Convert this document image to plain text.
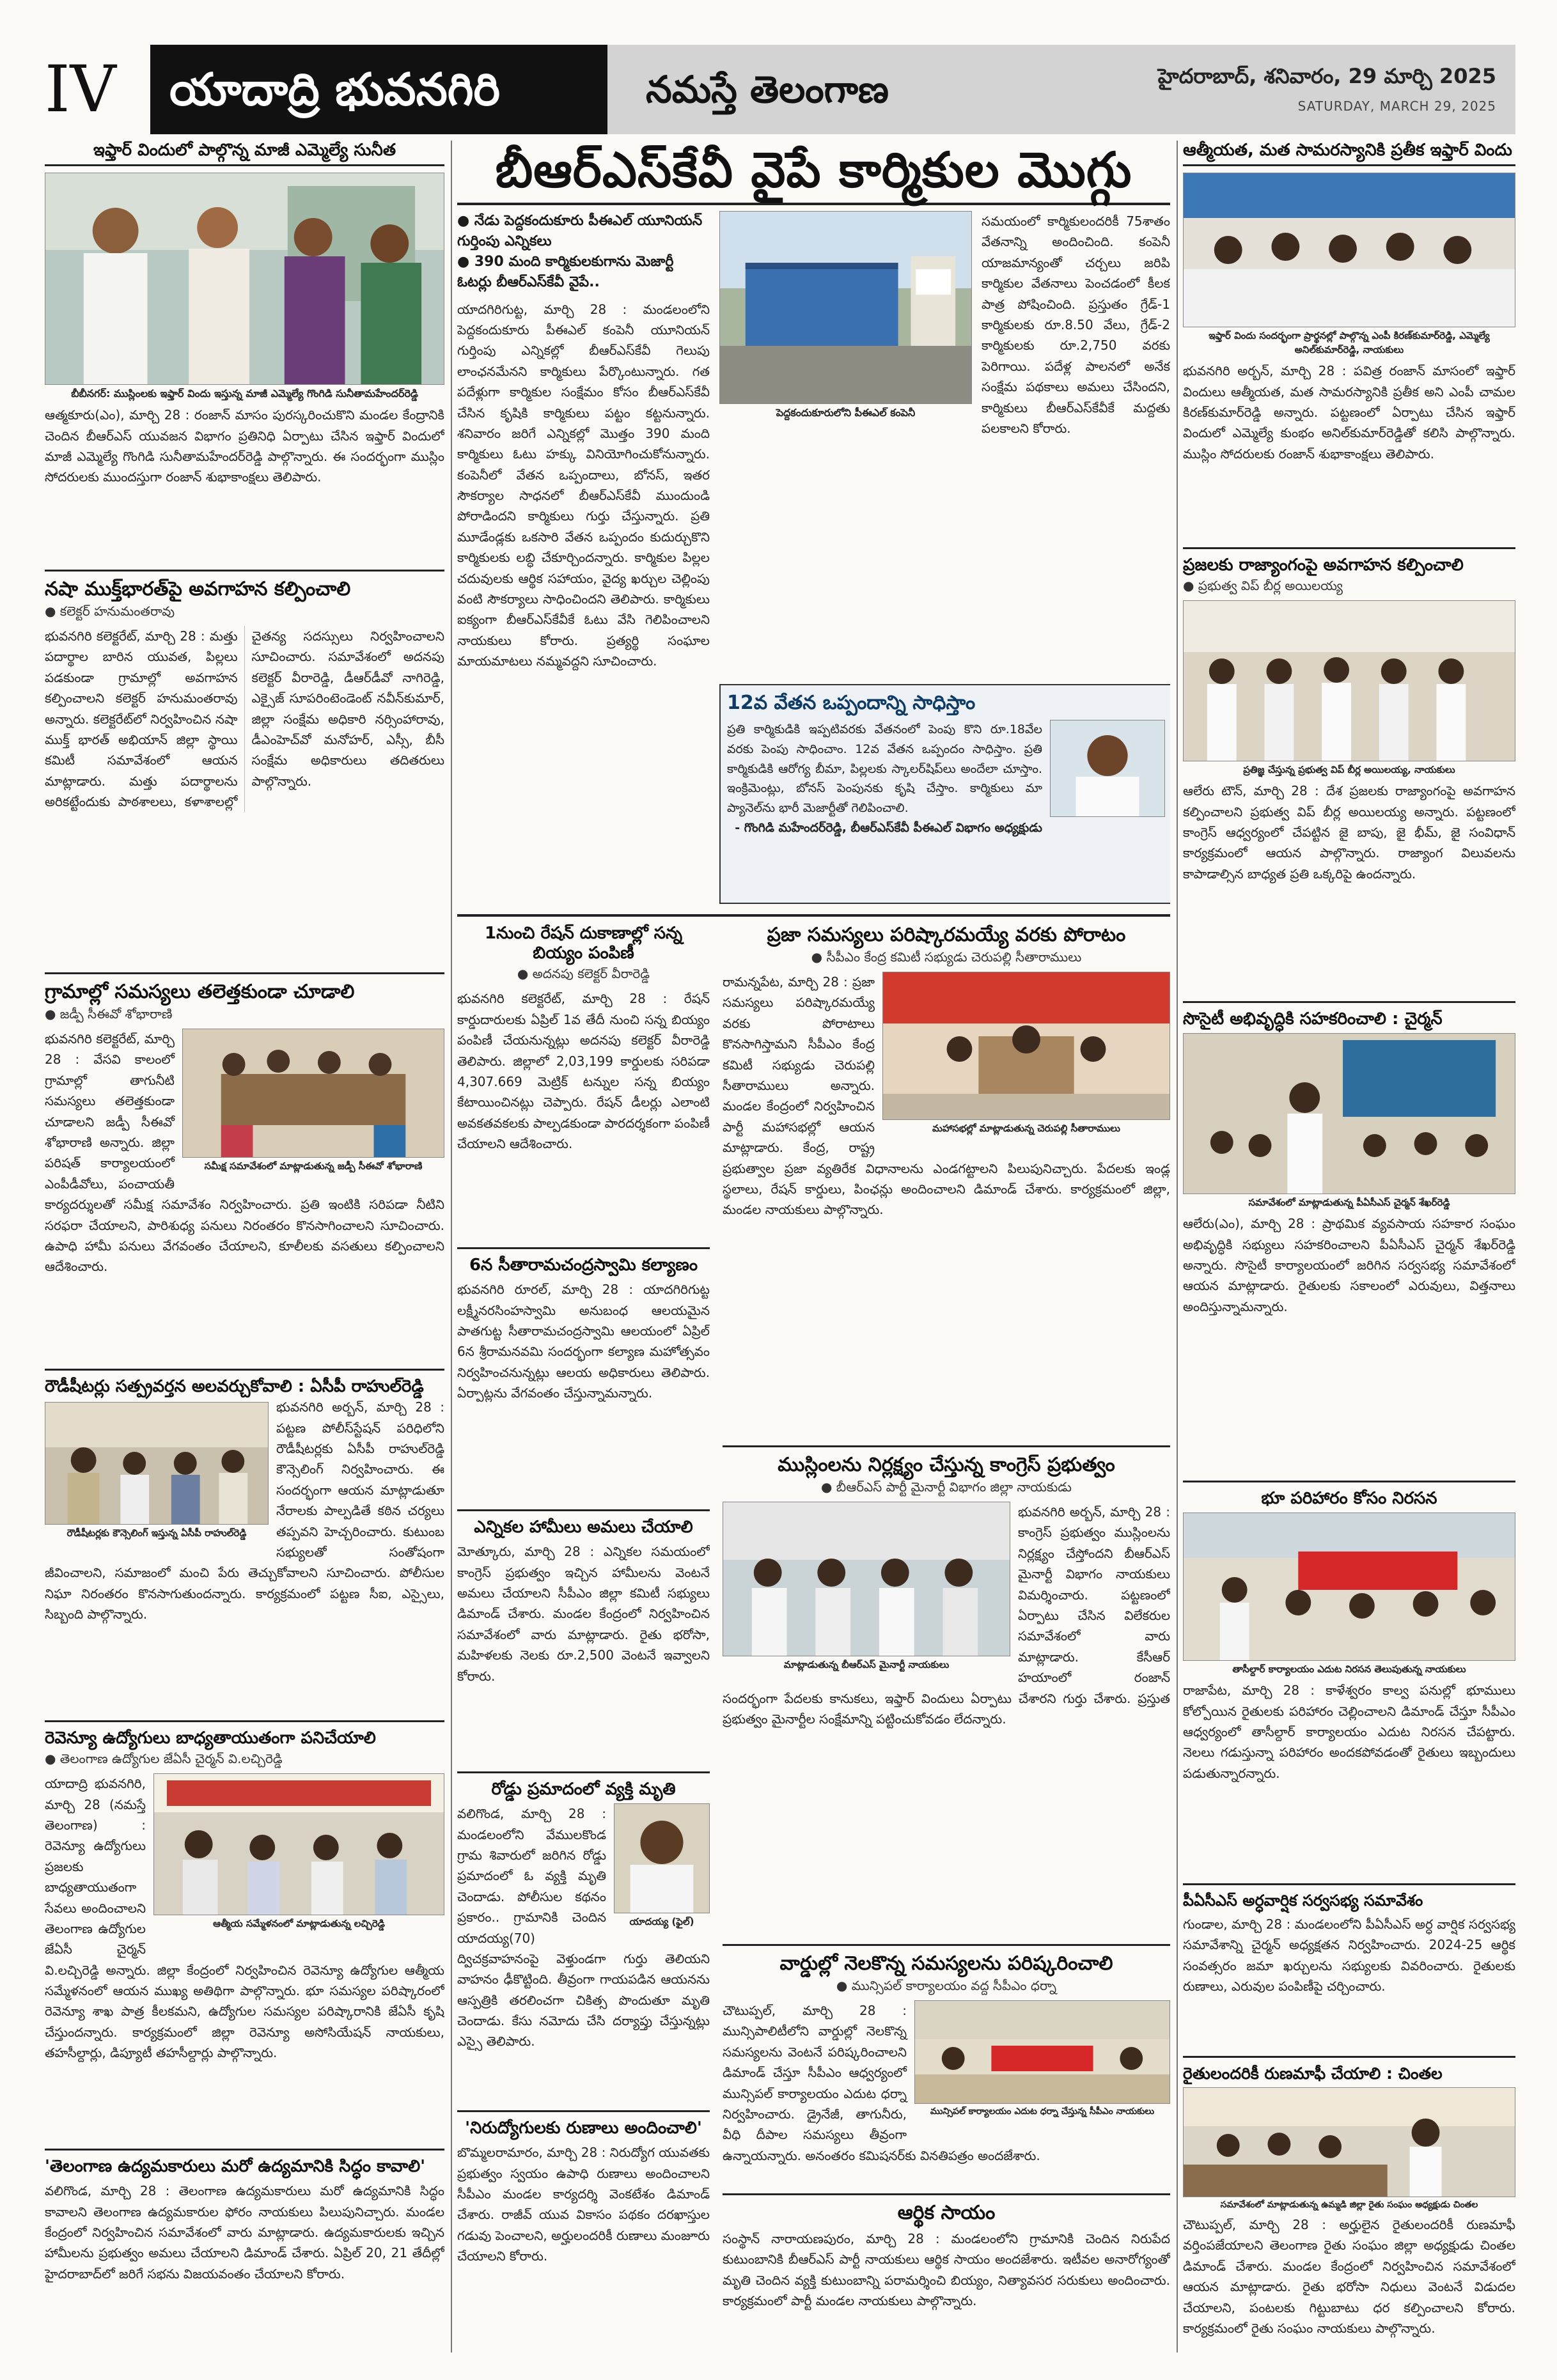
IV	యాదాద్రి భువనగిరి	నమస్తే తెలంగాణ	హైదరాబాద్, శనివారం, 29 మార్చి 2025
SATURDAY, MARCH 29, 2025
ఇఫ్తార్ విందులో పాల్గొన్న మాజీ ఎమ్మెల్యే సునీత
బీబీనగర్: ముస్లింలకు ఇఫ్తార్ విందు ఇస్తున్న మాజీ ఎమ్మెల్యే గొంగిడి సునీతామహేందర్‌రెడ్డి
ఆత్మకూరు(ఎం), మార్చి 28 : రంజాన్ మాసం పురస్కరించుకొని మండల కేంద్రానికి చెందిన బీఆర్‌ఎస్ యువజన విభాగం ప్రతినిధి ఏర్పాటు చేసిన ఇఫ్తార్ విందులో మాజీ ఎమ్మెల్యే గొంగిడి సునీతామహేందర్‌రెడ్డి పాల్గొన్నారు. ఈ సందర్భంగా ముస్లిం సోదరులకు ముందస్తుగా రంజాన్ శుభాకాంక్షలు తెలిపారు.
నషా ముక్త్‌భారత్‌పై అవగాహన కల్పించాలి
● కలెక్టర్ హనుమంతరావు
భువనగిరి కలెక్టరేట్, మార్చి 28 : మత్తు పదార్థాల బారిన యువత, పిల్లలు పడకుండా గ్రామాల్లో అవగాహన కల్పించాలని కలెక్టర్ హనుమంతరావు అన్నారు. కలెక్టరేట్‌లో నిర్వహించిన నషా ముక్త్ భారత్ అభియాన్ జిల్లా స్థాయి కమిటీ సమావేశంలో ఆయన మాట్లాడారు. మత్తు పదార్థాలను అరికట్టేందుకు పాఠశాలలు, కళాశాలల్లో చైతన్య సదస్సులు నిర్వహించాలని సూచించారు. సమావేశంలో అదనపు కలెక్టర్ వీరారెడ్డి, డీఆర్‌డీవో నాగిరెడ్డి, ఎక్సైజ్ సూపరింటెండెంట్ నవీన్‌కుమార్, జిల్లా సంక్షేమ అధికారి నర్సింహారావు, డీఎంహెచ్‌వో మనోహర్, ఎస్సీ, బీసీ సంక్షేమ అధికారులు తదితరులు పాల్గొన్నారు.
గ్రామాల్లో సమస్యలు తలెత్తకుండా చూడాలి
● జడ్పీ సీఈవో శోభారాణి
సమీక్ష సమావేశంలో మాట్లాడుతున్న జడ్పీ సీఈవో శోభారాణి
భువనగిరి కలెక్టరేట్, మార్చి 28 : వేసవి కాలంలో గ్రామాల్లో తాగునీటి సమస్యలు తలెత్తకుండా చూడాలని జడ్పీ సీఈవో శోభారాణి అన్నారు. జిల్లా పరిషత్ కార్యాలయంలో ఎంపీడీవోలు, పంచాయతీ కార్యదర్శులతో సమీక్ష సమావేశం నిర్వహించారు. ప్రతి ఇంటికి సరిపడా నీటిని సరఫరా చేయాలని, పారిశుధ్య పనులు నిరంతరం కొనసాగించాలని సూచించారు. ఉపాధి హామీ పనులు వేగవంతం చేయాలని, కూలీలకు వసతులు కల్పించాలని ఆదేశించారు.
రౌడీషీటర్లు సత్ప్రవర్తన అలవర్చుకోవాలి : ఏసీపీ రాహుల్‌రెడ్డి
రౌడీషీటర్లకు కౌన్సెలింగ్ ఇస్తున్న ఏసీపీ రాహుల్‌రెడ్డి
భువనగిరి అర్బన్, మార్చి 28 : పట్టణ పోలీస్‌స్టేషన్ పరిధిలోని రౌడీషీటర్లకు ఏసీపీ రాహుల్‌రెడ్డి కౌన్సెలింగ్ నిర్వహించారు. ఈ సందర్భంగా ఆయన మాట్లాడుతూ నేరాలకు పాల్పడితే కఠిన చర్యలు తప్పవని హెచ్చరించారు. కుటుంబ సభ్యులతో సంతోషంగా జీవించాలని, సమాజంలో మంచి పేరు తెచ్చుకోవాలని సూచించారు. పోలీసుల నిఘా నిరంతరం కొనసాగుతుందన్నారు. కార్యక్రమంలో పట్టణ సీఐ, ఎస్సైలు, సిబ్బంది పాల్గొన్నారు.
రెవెన్యూ ఉద్యోగులు బాధ్యతాయుతంగా పనిచేయాలి
● తెలంగాణ ఉద్యోగుల జేఏసీ చైర్మన్ వి.లచ్చిరెడ్డి
ఆత్మీయ సమ్మేళనంలో మాట్లాడుతున్న లచ్చిరెడ్డి
యాదాద్రి భువనగిరి, మార్చి 28 (నమస్తే తెలంగాణ) : రెవెన్యూ ఉద్యోగులు ప్రజలకు బాధ్యతాయుతంగా సేవలు అందించాలని తెలంగాణ ఉద్యోగుల జేఏసీ చైర్మన్ వి.లచ్చిరెడ్డి అన్నారు. జిల్లా కేంద్రంలో నిర్వహించిన రెవెన్యూ ఉద్యోగుల ఆత్మీయ సమ్మేళనంలో ఆయన ముఖ్య అతిథిగా పాల్గొన్నారు. భూ సమస్యల పరిష్కారంలో రెవెన్యూ శాఖ పాత్ర కీలకమని, ఉద్యోగుల సమస్యల పరిష్కారానికి జేఏసీ కృషి చేస్తుందన్నారు. కార్యక్రమంలో జిల్లా రెవెన్యూ అసోసియేషన్ నాయకులు, తహసీల్దార్లు, డిప్యూటీ తహసీల్దార్లు పాల్గొన్నారు.
'తెలంగాణ ఉద్యమకారులు మరో ఉద్యమానికి సిద్ధం కావాలి'
వలిగొండ, మార్చి 28 : తెలంగాణ ఉద్యమకారులు మరో ఉద్యమానికి సిద్ధం కావాలని తెలంగాణ ఉద్యమకారుల ఫోరం నాయకులు పిలుపునిచ్చారు. మండల కేంద్రంలో నిర్వహించిన సమావేశంలో వారు మాట్లాడారు. ఉద్యమకారులకు ఇచ్చిన హామీలను ప్రభుత్వం అమలు చేయాలని డిమాండ్ చేశారు. ఏప్రిల్ 20, 21 తేదీల్లో హైదరాబాద్‌లో జరిగే సభను విజయవంతం చేయాలని కోరారు.
బీఆర్‌ఎస్‌కేవీ వైపే కార్మికుల మొగ్గు
● నేడు పెద్దకందుకూరు పీఈఎల్ యూనియన్ గుర్తింపు ఎన్నికలు
● 390 మంది కార్మికులకుగాను మెజార్టీ ఓటర్లు బీఆర్‌ఎస్‌కేవీ వైపే..
యాదగిరిగుట్ట, మార్చి 28 : మండలంలోని పెద్దకందుకూరు పీఈఎల్ కంపెనీ యూనియన్ గుర్తింపు ఎన్నికల్లో బీఆర్‌ఎస్‌కేవీ గెలుపు లాంఛనమేనని కార్మికులు పేర్కొంటున్నారు. గత పదేళ్లుగా కార్మికుల సంక్షేమం కోసం బీఆర్‌ఎస్‌కేవీ చేసిన కృషికి కార్మికులు పట్టం కట్టనున్నారు. శనివారం జరిగే ఎన్నికల్లో మొత్తం 390 మంది కార్మికులు ఓటు హక్కు వినియోగించుకోనున్నారు. కంపెనీలో వేతన ఒప్పందాలు, బోనస్, ఇతర సౌకర్యాల సాధనలో బీఆర్‌ఎస్‌కేవీ ముందుండి పోరాడిందని కార్మికులు గుర్తు చేస్తున్నారు. ప్రతి మూడేండ్లకు ఒకసారి వేతన ఒప్పందం కుదుర్చుకొని కార్మికులకు లబ్ధి చేకూర్చిందన్నారు. కార్మికుల పిల్లల చదువులకు ఆర్థిక సహాయం, వైద్య ఖర్చుల చెల్లింపు వంటి సౌకర్యాలు సాధించిందని తెలిపారు. కార్మికులు ఐక్యంగా బీఆర్‌ఎస్‌కేవీకే ఓటు వేసి గెలిపించాలని నాయకులు కోరారు. ప్రత్యర్థి సంఘాల మాయమాటలు నమ్మవద్దని సూచించారు.
పెద్దకందుకూరులోని పీఈఎల్ కంపెనీ
సమయంలో కార్మికులందరికీ 75శాతం వేతనాన్ని అందించింది. కంపెనీ యాజమాన్యంతో చర్చలు జరిపి కార్మికుల వేతనాలు పెంచడంలో కీలక పాత్ర పోషించింది. ప్రస్తుతం గ్రేడ్-1 కార్మికులకు రూ.8.50 వేలు, గ్రేడ్-2 కార్మికులకు రూ.2,750 వరకు పెరిగాయి. పదేళ్ల పాలనలో అనేక సంక్షేమ పథకాలు అమలు చేసిందని, కార్మికులు బీఆర్‌ఎస్‌కేవీకే మద్దతు పలకాలని కోరారు.
12వ వేతన ఒప్పందాన్ని సాధిస్తాం
ప్రతి కార్మికుడికి ఇప్పటివరకు వేతనంలో పెంపు కొని రూ.18వేల వరకు పెంపు సాధించాం. 12వ వేతన ఒప్పందం సాధిస్తాం. ప్రతి కార్మికుడికి ఆరోగ్య బీమా, పిల్లలకు స్కాలర్‌షిప్‌లు అందేలా చూస్తాం. ఇంక్రిమెంట్లు, బోనస్ పెంపునకు కృషి చేస్తాం. కార్మికులు మా ప్యానెల్‌ను భారీ మెజార్టీతో గెలిపించాలి.
- గొంగిడి మహేందర్‌రెడ్డి, బీఆర్‌ఎస్‌కేవీ పీఈఎల్ విభాగం అధ్యక్షుడు
1నుంచి రేషన్ దుకాణాల్లో సన్న బియ్యం పంపిణీ
● అదనపు కలెక్టర్ వీరారెడ్డి
భువనగిరి కలెక్టరేట్, మార్చి 28 : రేషన్ కార్డుదారులకు ఏప్రిల్ 1వ తేదీ నుంచి సన్న బియ్యం పంపిణీ చేయనున్నట్లు అదనపు కలెక్టర్ వీరారెడ్డి తెలిపారు. జిల్లాలో 2,03,199 కార్డులకు సరిపడా 4,307.669 మెట్రిక్ టన్నుల సన్న బియ్యం కేటాయించినట్లు చెప్పారు. రేషన్ డీలర్లు ఎలాంటి అవకతవకలకు పాల్పడకుండా పారదర్శకంగా పంపిణీ చేయాలని ఆదేశించారు.
6న సీతారామచంద్రస్వామి కల్యాణం
భువనగిరి రూరల్, మార్చి 28 : యాదగిరిగుట్ట లక్ష్మీనరసింహస్వామి అనుబంధ ఆలయమైన పాతగుట్ట సీతారామచంద్రస్వామి ఆలయంలో ఏప్రిల్ 6న శ్రీరామనవమి సందర్భంగా కల్యాణ మహోత్సవం నిర్వహించనున్నట్లు ఆలయ అధికారులు తెలిపారు. ఏర్పాట్లను వేగవంతం చేస్తున్నామన్నారు.
ఎన్నికల హామీలు అమలు చేయాలి
మోత్కూరు, మార్చి 28 : ఎన్నికల సమయంలో కాంగ్రెస్ ప్రభుత్వం ఇచ్చిన హామీలను వెంటనే అమలు చేయాలని సీపీఎం జిల్లా కమిటీ సభ్యులు డిమాండ్ చేశారు. మండల కేంద్రంలో నిర్వహించిన సమావేశంలో వారు మాట్లాడారు. రైతు భరోసా, మహిళలకు నెలకు రూ.2,500 వెంటనే ఇవ్వాలని కోరారు.
రోడ్డు ప్రమాదంలో వ్యక్తి మృతి
యాదయ్య (ఫైల్)
వలిగొండ, మార్చి 28 : మండలంలోని వేములకొండ గ్రామ శివారులో జరిగిన రోడ్డు ప్రమాదంలో ఓ వ్యక్తి మృతి చెందాడు. పోలీసుల కథనం ప్రకారం.. గ్రామానికి చెందిన యాదయ్య(70) ద్విచక్రవాహనంపై వెళ్తుండగా గుర్తు తెలియని వాహనం ఢీకొట్టింది. తీవ్రంగా గాయపడిన ఆయనను ఆస్పత్రికి తరలించగా చికిత్స పొందుతూ మృతి చెందాడు. కేసు నమోదు చేసి దర్యాప్తు చేస్తున్నట్లు ఎస్సై తెలిపారు.
'నిరుద్యోగులకు రుణాలు అందించాలి'
బొమ్మలరామారం, మార్చి 28 : నిరుద్యోగ యువతకు ప్రభుత్వం స్వయం ఉపాధి రుణాలు అందించాలని సీపీఎం మండల కార్యదర్శి వెంకటేశం డిమాండ్ చేశారు. రాజీవ్ యువ వికాసం పథకం దరఖాస్తుల గడువు పెంచాలని, అర్హులందరికీ రుణాలు మంజూరు చేయాలని కోరారు.
ప్రజా సమస్యలు పరిష్కారమయ్యే వరకు పోరాటం
● సీపీఎం కేంద్ర కమిటీ సభ్యుడు చెరుపల్లి సీతారాములు
మహాసభల్లో మాట్లాడుతున్న చెరుపల్లి సీతారాములు
రామన్నపేట, మార్చి 28 : ప్రజా సమస్యలు పరిష్కారమయ్యే వరకు పోరాటాలు కొనసాగిస్తామని సీపీఎం కేంద్ర కమిటీ సభ్యుడు చెరుపల్లి సీతారాములు అన్నారు. మండల కేంద్రంలో నిర్వహించిన పార్టీ మహాసభల్లో ఆయన మాట్లాడారు. కేంద్ర, రాష్ట్ర ప్రభుత్వాల ప్రజా వ్యతిరేక విధానాలను ఎండగట్టాలని పిలుపునిచ్చారు. పేదలకు ఇండ్ల స్థలాలు, రేషన్ కార్డులు, పింఛన్లు అందించాలని డిమాండ్ చేశారు. కార్యక్రమంలో జిల్లా, మండల నాయకులు పాల్గొన్నారు.
ముస్లింలను నిర్లక్ష్యం చేస్తున్న కాంగ్రెస్ ప్రభుత్వం
● బీఆర్‌ఎస్ పార్టీ మైనార్టీ విభాగం జిల్లా నాయకుడు
మాట్లాడుతున్న బీఆర్‌ఎస్ మైనార్టీ నాయకులు
భువనగిరి అర్బన్, మార్చి 28 : కాంగ్రెస్ ప్రభుత్వం ముస్లింలను నిర్లక్ష్యం చేస్తోందని బీఆర్‌ఎస్ మైనార్టీ విభాగం నాయకులు విమర్శించారు. పట్టణంలో ఏర్పాటు చేసిన విలేకరుల సమావేశంలో వారు మాట్లాడారు. కేసీఆర్ హయాంలో రంజాన్ సందర్భంగా పేదలకు కానుకలు, ఇఫ్తార్ విందులు ఏర్పాటు చేశారని గుర్తు చేశారు. ప్రస్తుత ప్రభుత్వం మైనార్టీల సంక్షేమాన్ని పట్టించుకోవడం లేదన్నారు.
వార్డుల్లో నెలకొన్న సమస్యలను పరిష్కరించాలి
● మున్సిపల్ కార్యాలయం వద్ద సీపీఎం ధర్నా
మున్సిపల్ కార్యాలయం ఎదుట ధర్నా చేస్తున్న సీపీఎం నాయకులు
చౌటుప్పల్, మార్చి 28 : మున్సిపాలిటీలోని వార్డుల్లో నెలకొన్న సమస్యలను వెంటనే పరిష్కరించాలని డిమాండ్ చేస్తూ సీపీఎం ఆధ్వర్యంలో మున్సిపల్ కార్యాలయం ఎదుట ధర్నా నిర్వహించారు. డ్రైనేజీ, తాగునీరు, వీధి దీపాల సమస్యలు తీవ్రంగా ఉన్నాయన్నారు. అనంతరం కమిషనర్‌కు వినతిపత్రం అందజేశారు.
ఆర్థిక సాయం
సంస్థాన్ నారాయణపురం, మార్చి 28 : మండలంలోని గ్రామానికి చెందిన నిరుపేద కుటుంబానికి బీఆర్‌ఎస్ పార్టీ నాయకులు ఆర్థిక సాయం అందజేశారు. ఇటీవల అనారోగ్యంతో మృతి చెందిన వ్యక్తి కుటుంబాన్ని పరామర్శించి బియ్యం, నిత్యావసర సరుకులు అందించారు. కార్యక్రమంలో పార్టీ మండల నాయకులు పాల్గొన్నారు.
ఆత్మీయత, మత సామరస్యానికి ప్రతీక ఇఫ్తార్ విందు
ఇఫ్తార్ విందు సందర్భంగా ప్రార్థనల్లో పాల్గొన్న ఎంపీ కిరణ్‌కుమార్‌రెడ్డి, ఎమ్మెల్యే అనిల్‌కుమార్‌రెడ్డి, నాయకులు
భువనగిరి అర్బన్, మార్చి 28 : పవిత్ర రంజాన్ మాసంలో ఇఫ్తార్ విందులు ఆత్మీయత, మత సామరస్యానికి ప్రతీక అని ఎంపీ చామల కిరణ్‌కుమార్‌రెడ్డి అన్నారు. పట్టణంలో ఏర్పాటు చేసిన ఇఫ్తార్ విందులో ఎమ్మెల్యే కుంభం అనిల్‌కుమార్‌రెడ్డితో కలిసి పాల్గొన్నారు. ముస్లిం సోదరులకు రంజాన్ శుభాకాంక్షలు తెలిపారు.
ప్రజలకు రాజ్యాంగంపై అవగాహన కల్పించాలి
● ప్రభుత్వ విప్ బీర్ల అయిలయ్య
ప్రతిజ్ఞ చేస్తున్న ప్రభుత్వ విప్ బీర్ల అయిలయ్య, నాయకులు
ఆలేరు టౌన్, మార్చి 28 : దేశ ప్రజలకు రాజ్యాంగంపై అవగాహన కల్పించాలని ప్రభుత్వ విప్ బీర్ల అయిలయ్య అన్నారు. పట్టణంలో కాంగ్రెస్ ఆధ్వర్యంలో చేపట్టిన జై బాపు, జై భీమ్, జై సంవిధాన్ కార్యక్రమంలో ఆయన పాల్గొన్నారు. రాజ్యాంగ విలువలను కాపాడాల్సిన బాధ్యత ప్రతి ఒక్కరిపై ఉందన్నారు.
సొసైటీ అభివృద్ధికి సహకరించాలి : చైర్మన్
సమావేశంలో మాట్లాడుతున్న పీఏసీఎస్ చైర్మన్ శేఖర్‌రెడ్డి
ఆలేరు(ఎం), మార్చి 28 : ప్రాథమిక వ్యవసాయ సహకార సంఘం అభివృద్ధికి సభ్యులు సహకరించాలని పీఏసీఎస్ చైర్మన్ శేఖర్‌రెడ్డి అన్నారు. సొసైటీ కార్యాలయంలో జరిగిన సర్వసభ్య సమావేశంలో ఆయన మాట్లాడారు. రైతులకు సకాలంలో ఎరువులు, విత్తనాలు అందిస్తున్నామన్నారు.
భూ పరిహారం కోసం నిరసన
తాసీల్దార్ కార్యాలయం ఎదుట నిరసన తెలుపుతున్న నాయకులు
రాజాపేట, మార్చి 28 : కాళేశ్వరం కాల్వ పనుల్లో భూములు కోల్పోయిన రైతులకు పరిహారం చెల్లించాలని డిమాండ్ చేస్తూ సీపీఎం ఆధ్వర్యంలో తాసీల్దార్ కార్యాలయం ఎదుట నిరసన చేపట్టారు. నెలలు గడుస్తున్నా పరిహారం అందకపోవడంతో రైతులు ఇబ్బందులు పడుతున్నారన్నారు.
పీఏసీఎస్ అర్ధవార్షిక సర్వసభ్య సమావేశం
గుండాల, మార్చి 28 : మండలంలోని పీఏసీఎస్ అర్ధ వార్షిక సర్వసభ్య సమావేశాన్ని చైర్మన్ అధ్యక్షతన నిర్వహించారు. 2024-25 ఆర్థిక సంవత్సరం జమా ఖర్చులను సభ్యులకు వివరించారు. రైతులకు రుణాలు, ఎరువుల పంపిణీపై చర్చించారు.
రైతులందరికీ రుణమాఫీ చేయాలి : చింతల
సమావేశంలో మాట్లాడుతున్న ఉమ్మడి జిల్లా రైతు సంఘం అధ్యక్షుడు చింతల
చౌటుప్పల్, మార్చి 28 : అర్హులైన రైతులందరికీ రుణమాఫీ వర్తింపజేయాలని తెలంగాణ రైతు సంఘం జిల్లా అధ్యక్షుడు చింతల డిమాండ్ చేశారు. మండల కేంద్రంలో నిర్వహించిన సమావేశంలో ఆయన మాట్లాడారు. రైతు భరోసా నిధులు వెంటనే విడుదల చేయాలని, పంటలకు గిట్టుబాటు ధర కల్పించాలని కోరారు. కార్యక్రమంలో రైతు సంఘం నాయకులు పాల్గొన్నారు.
